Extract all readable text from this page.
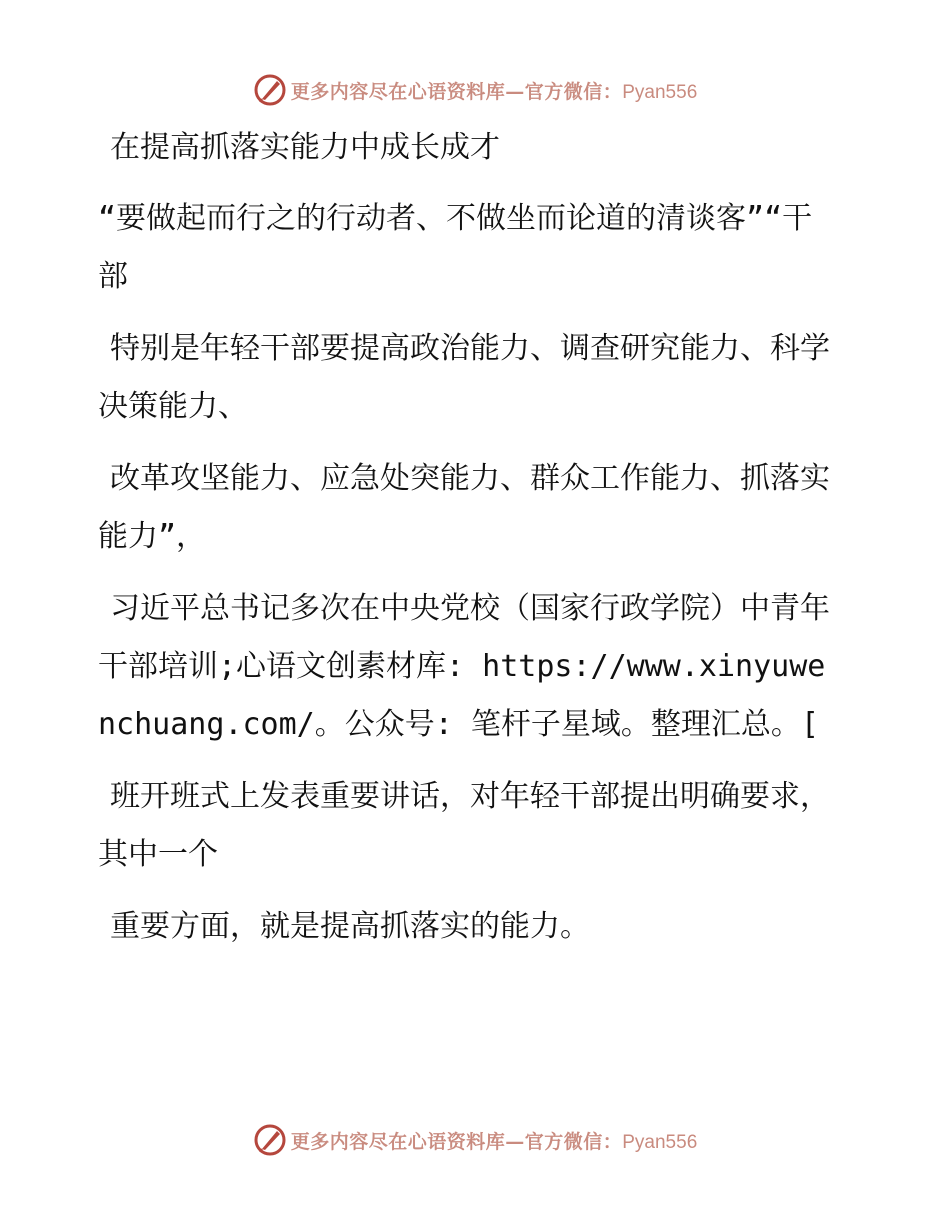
更多内容尽在心语资料库—官方微信：Pyan556
在提高抓落实能力中成长成才

“要做起而行之的行动者、不做坐而论道的清谈客”“干部

特别是年轻干部要提高政治能力、调查研究能力、科学决策能力、

改革攻坚能力、应急处突能力、群众工作能力、抓落实能力”，

习近平总书记多次在中央党校（国家行政学院）中青年干部培训;心语文创素材库: https://www.xinyuwenchuang.com/。公众号: 笔杆子星域。整理汇总。[

班开班式上发表重要讲话，对年轻干部提出明确要求，其中一个

重要方面，就是提高抓落实的能力。

更多内容尽在心语资料库—官方微信：Pyan556
